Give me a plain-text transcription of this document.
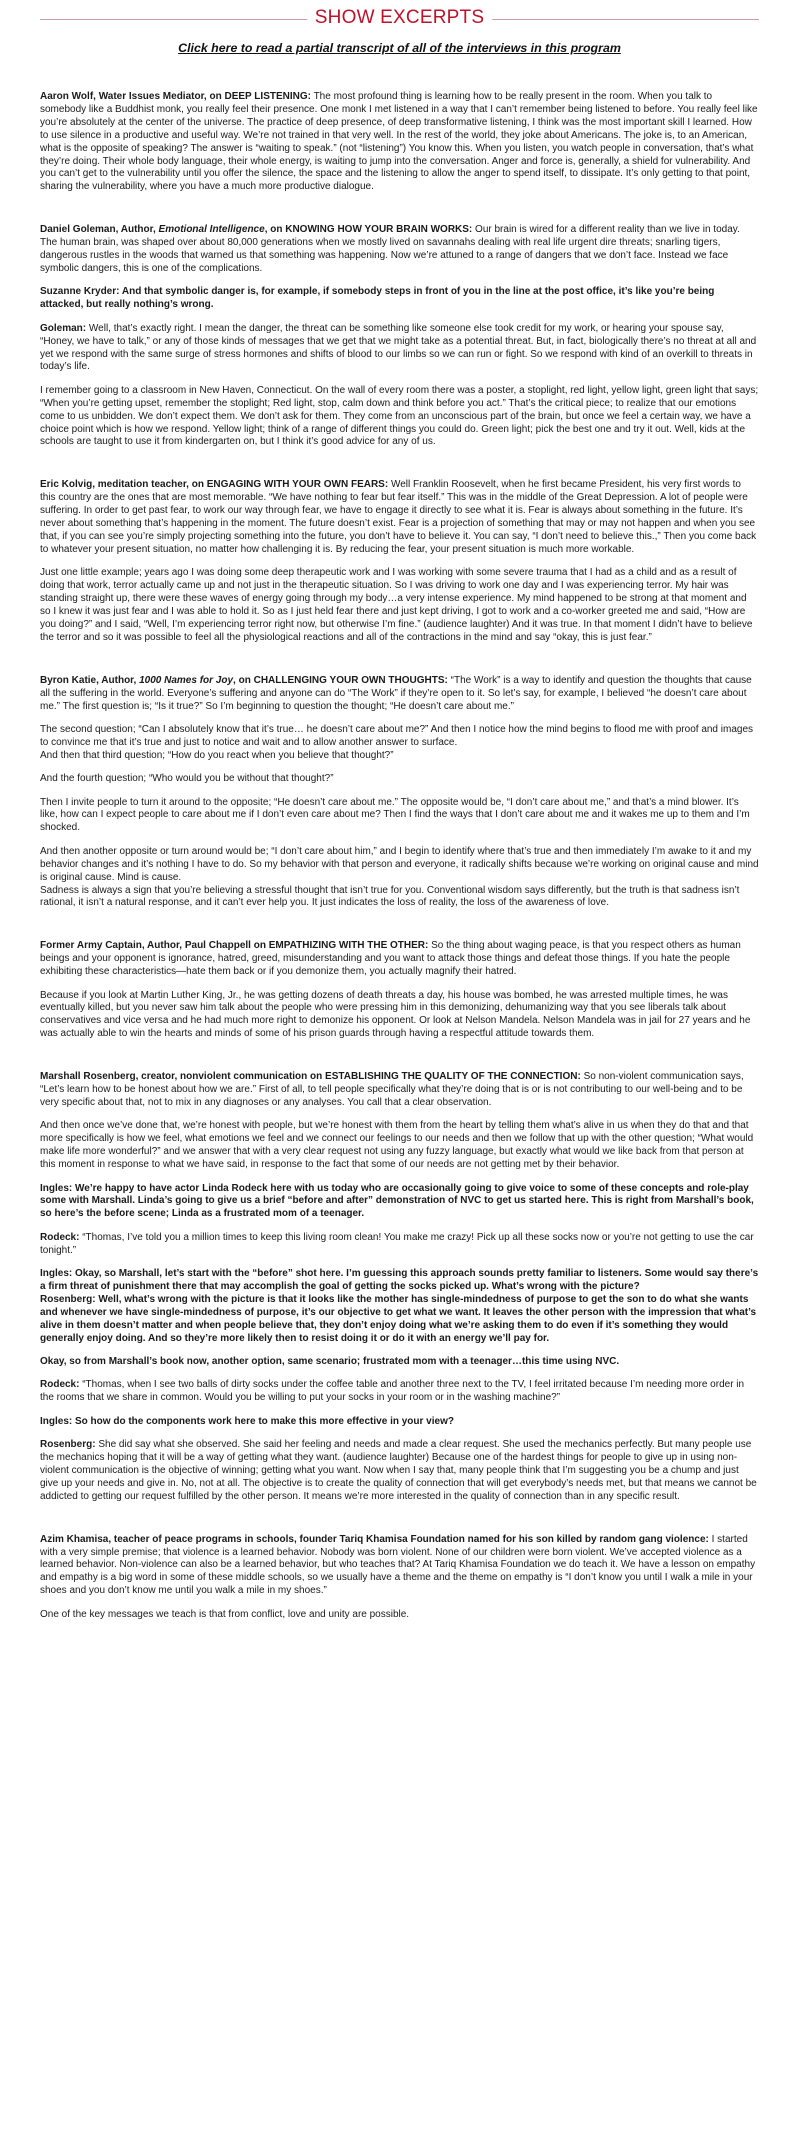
SHOW EXCERPTS
Click here to read a partial transcript of all of the interviews in this program

Aaron Wolf, Water Issues Mediator, on DEEP LISTENING: The most profound thing is learning how to be really present in the room. When you talk to somebody like a Buddhist monk, you really feel their presence. One monk I met listened in a way that I can’t remember being listened to before. You really feel like you’re absolutely at the center of the universe. The practice of deep presence, of deep transformative listening, I think was the most important skill I learned. How to use silence in a productive and useful way. We’re not trained in that very well. In the rest of the world, they joke about Americans. The joke is, to an American, what is the opposite of speaking? The answer is “waiting to speak.” (not “listening”) You know this. When you listen, you watch people in conversation, that’s what they’re doing. Their whole body language, their whole energy, is waiting to jump into the conversation. Anger and force is, generally, a shield for vulnerability. And you can’t get to the vulnerability until you offer the silence, the space and the listening to allow the anger to spend itself, to dissipate. It’s only getting to that point, sharing the vulnerability, where you have a much more productive dialogue.

Daniel Goleman, Author, Emotional Intelligence, on KNOWING HOW YOUR BRAIN WORKS: Our brain is wired for a different reality than we live in today. The human brain, was shaped over about 80,000 generations when we mostly lived on savannahs dealing with real life urgent dire threats; snarling tigers, dangerous rustles in the woods that warned us that something was happening. Now we’re attuned to a range of dangers that we don’t face. Instead we face symbolic dangers, this is one of the complications.

Suzanne Kryder: And that symbolic danger is, for example, if somebody steps in front of you in the line at the post office, it’s like you’re being attacked, but really nothing’s wrong.

Goleman: Well, that’s exactly right. I mean the danger, the threat can be something like someone else took credit for my work, or hearing your spouse say, “Honey, we have to talk,” or any of those kinds of messages that we get that we might take as a potential threat. But, in fact, biologically there’s no threat at all and yet we respond with the same surge of stress hormones and shifts of blood to our limbs so we can run or fight. So we respond with kind of an overkill to threats in today’s life.

I remember going to a classroom in New Haven, Connecticut. On the wall of every room there was a poster, a stoplight, red light, yellow light, green light that says; “When you’re getting upset, remember the stoplight; Red light, stop, calm down and think before you act.” That’s the critical piece; to realize that our emotions come to us unbidden. We don’t expect them. We don’t ask for them. They come from an unconscious part of the brain, but once we feel a certain way, we have a choice point which is how we respond. Yellow light; think of a range of different things you could do. Green light; pick the best one and try it out. Well, kids at the schools are taught to use it from kindergarten on, but I think it’s good advice for any of us.

Eric Kolvig, meditation teacher, on ENGAGING WITH YOUR OWN FEARS: Well Franklin Roosevelt, when he first became President, his very first words to this country are the ones that are most memorable. “We have nothing to fear but fear itself.” This was in the middle of the Great Depression. A lot of people were suffering. In order to get past fear, to work our way through fear, we have to engage it directly to see what it is. Fear is always about something in the future. It’s never about something that’s happening in the moment. The future doesn’t exist. Fear is a projection of something that may or may not happen and when you see that, if you can see you’re simply projecting something into the future, you don’t have to believe it. You can say, “I don’t need to believe this.,” Then you come back to whatever your present situation, no matter how challenging it is. By reducing the fear, your present situation is much more workable.

Just one little example; years ago I was doing some deep therapeutic work and I was working with some severe trauma that I had as a child and as a result of doing that work, terror actually came up and not just in the therapeutic situation. So I was driving to work one day and I was experiencing terror. My hair was standing straight up, there were these waves of energy going through my body…a very intense experience. My mind happened to be strong at that moment and so I knew it was just fear and I was able to hold it. So as I just held fear there and just kept driving, I got to work and a co-worker greeted me and said, “How are you doing?” and I said, “Well, I’m experiencing terror right now, but otherwise I’m fine.” (audience laughter) And it was true. In that moment I didn’t have to believe the terror and so it was possible to feel all the physiological reactions and all of the contractions in the mind and say “okay, this is just fear.”

Byron Katie, Author, 1000 Names for Joy, on CHALLENGING YOUR OWN THOUGHTS: “The Work” is a way to identify and question the thoughts that cause all the suffering in the world. Everyone’s suffering and anyone can do “The Work” if they’re open to it. So let’s say, for example, I believed “he doesn’t care about me.” The first question is; “Is it true?” So I’m beginning to question the thought; “He doesn’t care about me.”

The second question; “Can I absolutely know that it’s true… he doesn’t care about me?” And then I notice how the mind begins to flood me with proof and images to convince me that it’s true and just to notice and wait and to allow another answer to surface.

And then that third question; “How do you react when you believe that thought?”

And the fourth question; “Who would you be without that thought?”

Then I invite people to turn it around to the opposite; “He doesn’t care about me.” The opposite would be, “I don’t care about me,” and that’s a mind blower. It’s like, how can I expect people to care about me if I don’t even care about me? Then I find the ways that I don’t care about me and it wakes me up to them and I’m shocked.

And then another opposite or turn around would be; “I don’t care about him,” and I begin to identify where that’s true and then immediately I’m awake to it and my behavior changes and it’s nothing I have to do. So my behavior with that person and everyone, it radically shifts because we’re working on original cause and mind is original cause. Mind is cause.

Sadness is always a sign that you’re believing a stressful thought that isn’t true for you. Conventional wisdom says differently, but the truth is that sadness isn’t rational, it isn’t a natural response, and it can’t ever help you. It just indicates the loss of reality, the loss of the awareness of love.

Former Army Captain, Author, Paul Chappell on EMPATHIZING WITH THE OTHER: So the thing about waging peace, is that you respect others as human beings and your opponent is ignorance, hatred, greed, misunderstanding and you want to attack those things and defeat those things. If you hate the people exhibiting these characteristics—hate them back or if you demonize them, you actually magnify their hatred.

Because if you look at Martin Luther King, Jr., he was getting dozens of death threats a day, his house was bombed, he was arrested multiple times, he was eventually killed, but you never saw him talk about the people who were pressing him in this demonizing, dehumanizing way that you see liberals talk about conservatives and vice versa and he had much more right to demonize his opponent. Or look at Nelson Mandela. Nelson Mandela was in jail for 27 years and he was actually able to win the hearts and minds of some of his prison guards through having a respectful attitude towards them.

Marshall Rosenberg, creator, nonviolent communication on ESTABLISHING THE QUALITY OF THE CONNECTION: So non-violent communication says, “Let’s learn how to be honest about how we are.” First of all, to tell people specifically what they’re doing that is or is not contributing to our well-being and to be very specific about that, not to mix in any diagnoses or any analyses. You call that a clear observation.

And then once we’ve done that, we’re honest with people, but we’re honest with them from the heart by telling them what’s alive in us when they do that and that more specifically is how we feel, what emotions we feel and we connect our feelings to our needs and then we follow that up with the other question; “What would make life more wonderful?” and we answer that with a very clear request not using any fuzzy language, but exactly what would we like back from that person at this moment in response to what we have said, in response to the fact that some of our needs are not getting met by their behavior.

Ingles: We’re happy to have actor Linda Rodeck here with us today who are occasionally going to give voice to some of these concepts and role-play some with Marshall. Linda’s going to give us a brief “before and after” demonstration of NVC to get us started here. This is right from Marshall’s book, so here’s the before scene; Linda as a frustrated mom of a teenager.

Rodeck: “Thomas, I’ve told you a million times to keep this living room clean! You make me crazy! Pick up all these socks now or you’re not getting to use the car tonight.”

Ingles: Okay, so Marshall, let’s start with the “before” shot here. I’m guessing this approach sounds pretty familiar to listeners. Some would say there’s a firm threat of punishment there that may accomplish the goal of getting the socks picked up. What’s wrong with the picture?

Rosenberg: Well, what’s wrong with the picture is that it looks like the mother has single-mindedness of purpose to get the son to do what she wants and whenever we have single-mindedness of purpose, it’s our objective to get what we want. It leaves the other person with the impression that what’s alive in them doesn’t matter and when people believe that, they don’t enjoy doing what we’re asking them to do even if it’s something they would generally enjoy doing. And so they’re more likely then to resist doing it or do it with an energy we’ll pay for.

Okay, so from Marshall’s book now, another option, same scenario; frustrated mom with a teenager…this time using NVC.

Rodeck: “Thomas, when I see two balls of dirty socks under the coffee table and another three next to the TV, I feel irritated because I’m needing more order in the rooms that we share in common. Would you be willing to put your socks in your room or in the washing machine?”

Ingles: So how do the components work here to make this more effective in your view?

Rosenberg: She did say what she observed. She said her feeling and needs and made a clear request. She used the mechanics perfectly. But many people use the mechanics hoping that it will be a way of getting what they want. (audience laughter) Because one of the hardest things for people to give up in using non-violent communication is the objective of winning; getting what you want. Now when I say that, many people think that I’m suggesting you be a chump and just give up your needs and give in. No, not at all. The objective is to create the quality of connection that will get everybody’s needs met, but that means we cannot be addicted to getting our request fulfilled by the other person. It means we’re more interested in the quality of connection than in any specific result.

Azim Khamisa, teacher of peace programs in schools, founder Tariq Khamisa Foundation named for his son killed by random gang violence: I started with a very simple premise; that violence is a learned behavior. Nobody was born violent. None of our children were born violent. We’ve accepted violence as a learned behavior. Non-violence can also be a learned behavior, but who teaches that? At Tariq Khamisa Foundation we do teach it. We have a lesson on empathy and empathy is a big word in some of these middle schools, so we usually have a theme and the theme on empathy is “I don’t know you until I walk a mile in your shoes and you don’t know me until you walk a mile in my shoes.”

One of the key messages we teach is that from conflict, love and unity are possible.
